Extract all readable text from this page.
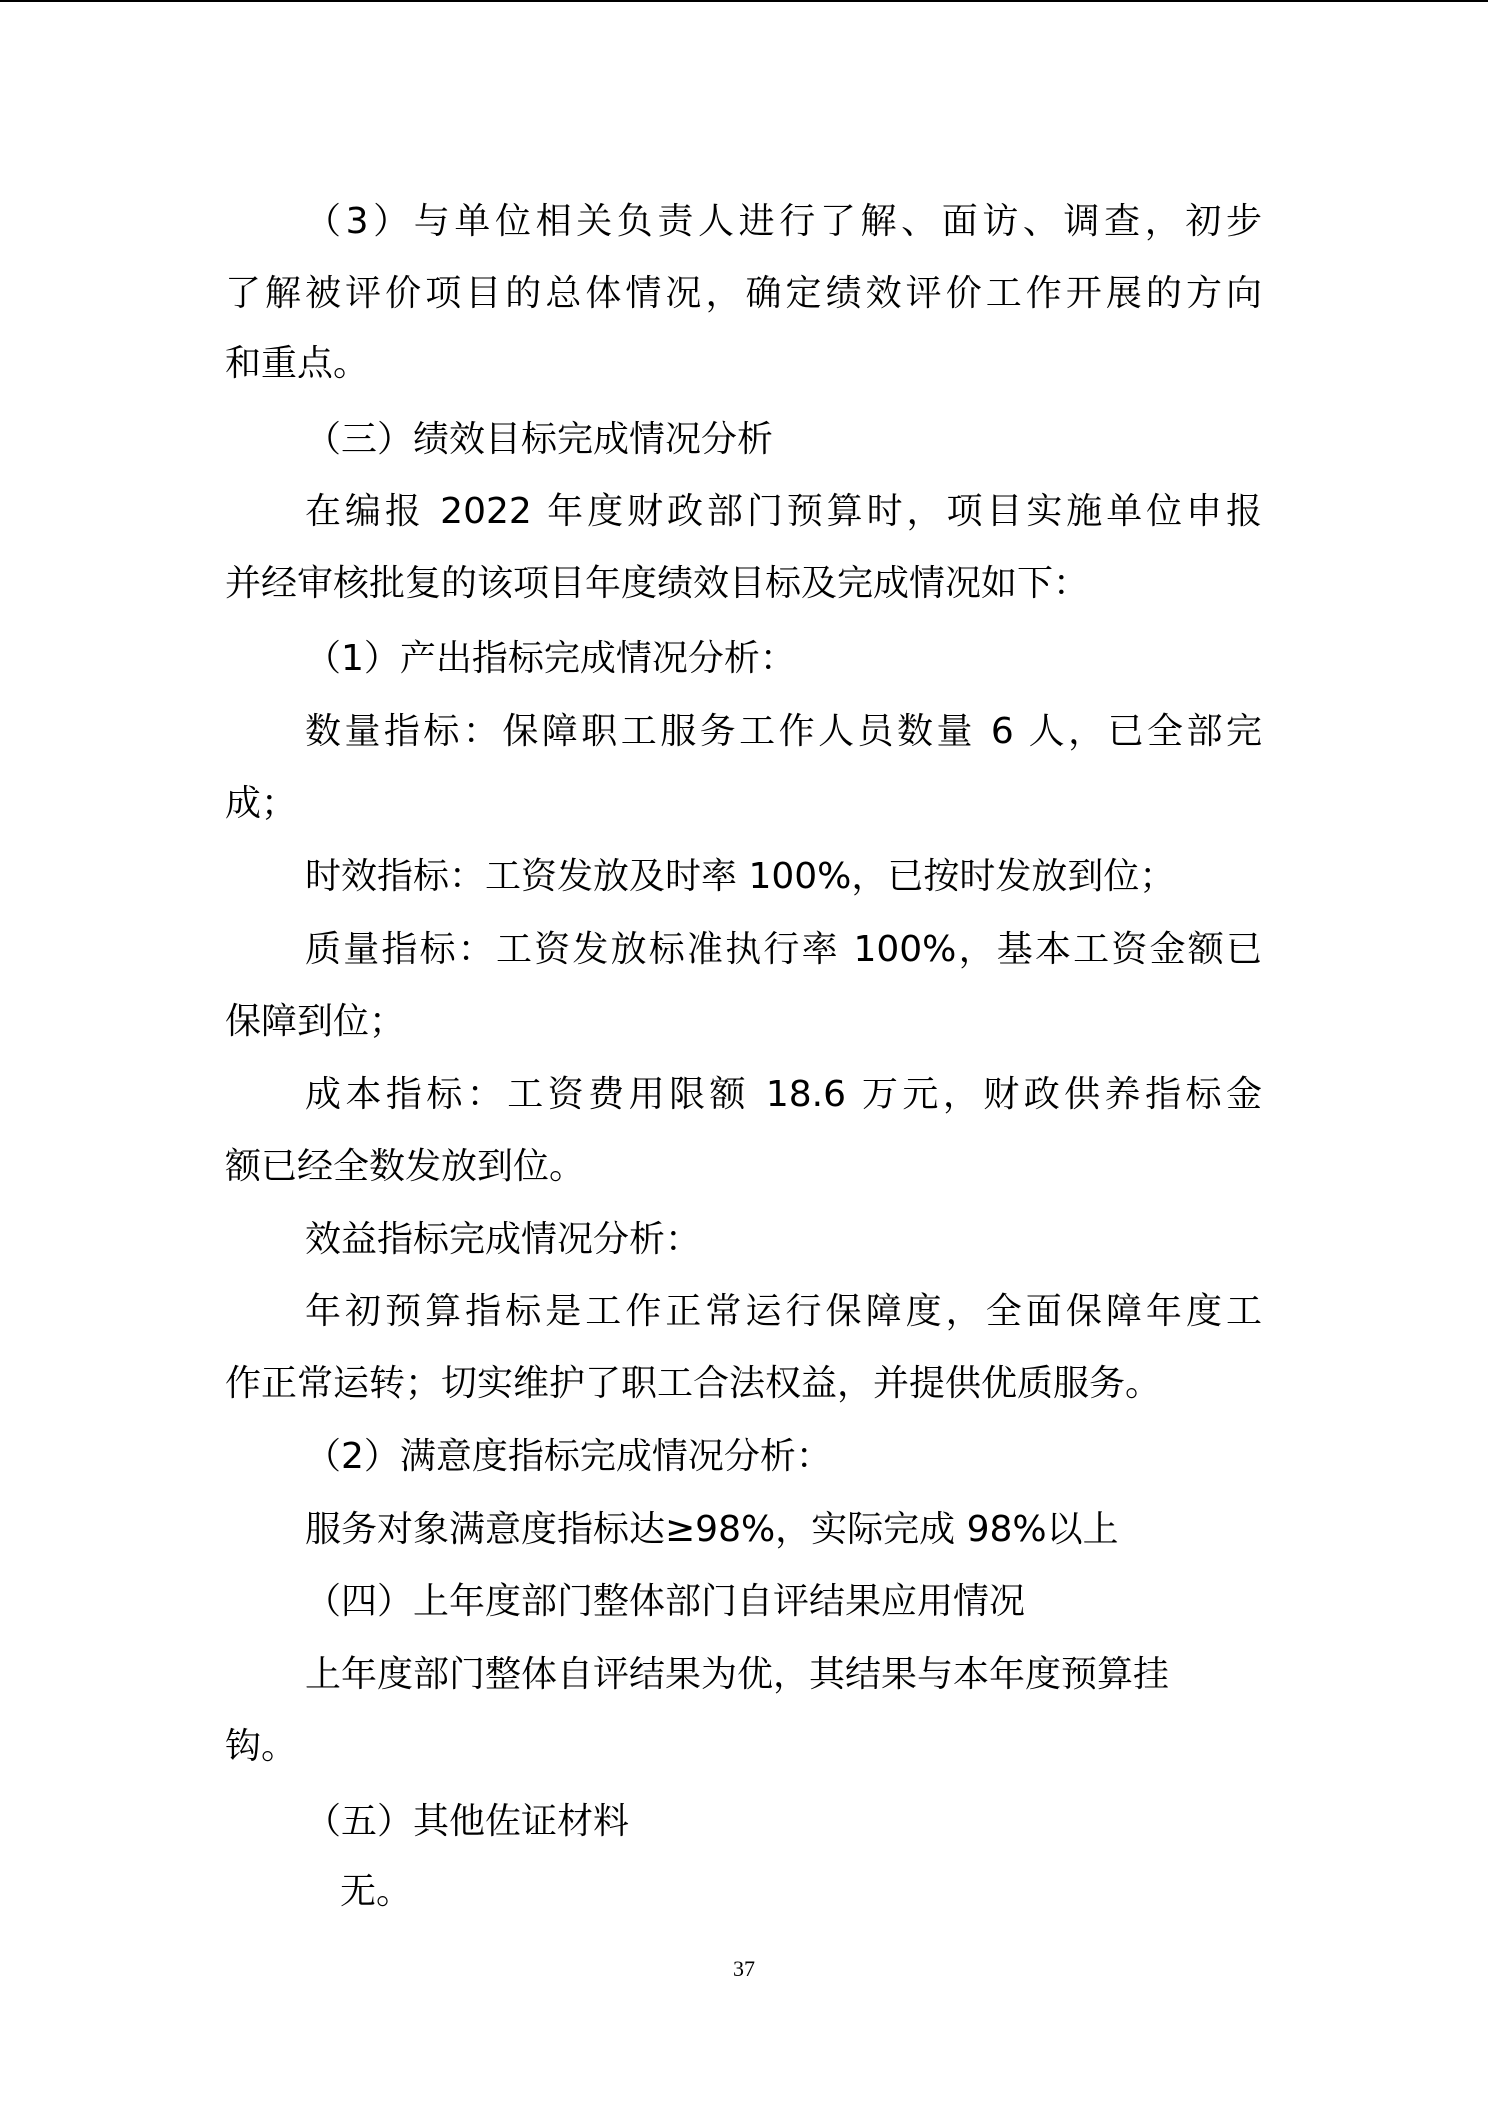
（3）与单位相关负责人进行了解、面访、调查，初步
了解被评价项目的总体情况，确定绩效评价工作开展的方向
和重点。
（三）绩效目标完成情况分析
在编报 2022 年度财政部门预算时，项目实施单位申报
并经审核批复的该项目年度绩效目标及完成情况如下：
（1）产出指标完成情况分析：
数量指标：保障职工服务工作人员数量 6 人，已全部完
成；
时效指标：工资发放及时率 100%，已按时发放到位；
质量指标：工资发放标准执行率 100%，基本工资金额已
保障到位；
成本指标：工资费用限额 18.6 万元，财政供养指标金
额已经全数发放到位。
效益指标完成情况分析：
年初预算指标是工作正常运行保障度，全面保障年度工
作正常运转；切实维护了职工合法权益，并提供优质服务。
（2）满意度指标完成情况分析：
服务对象满意度指标达≥98%，实际完成 98%以上
（四）上年度部门整体部门自评结果应用情况
上年度部门整体自评结果为优，其结果与本年度预算挂
钩。
（五）其他佐证材料
无。
37
